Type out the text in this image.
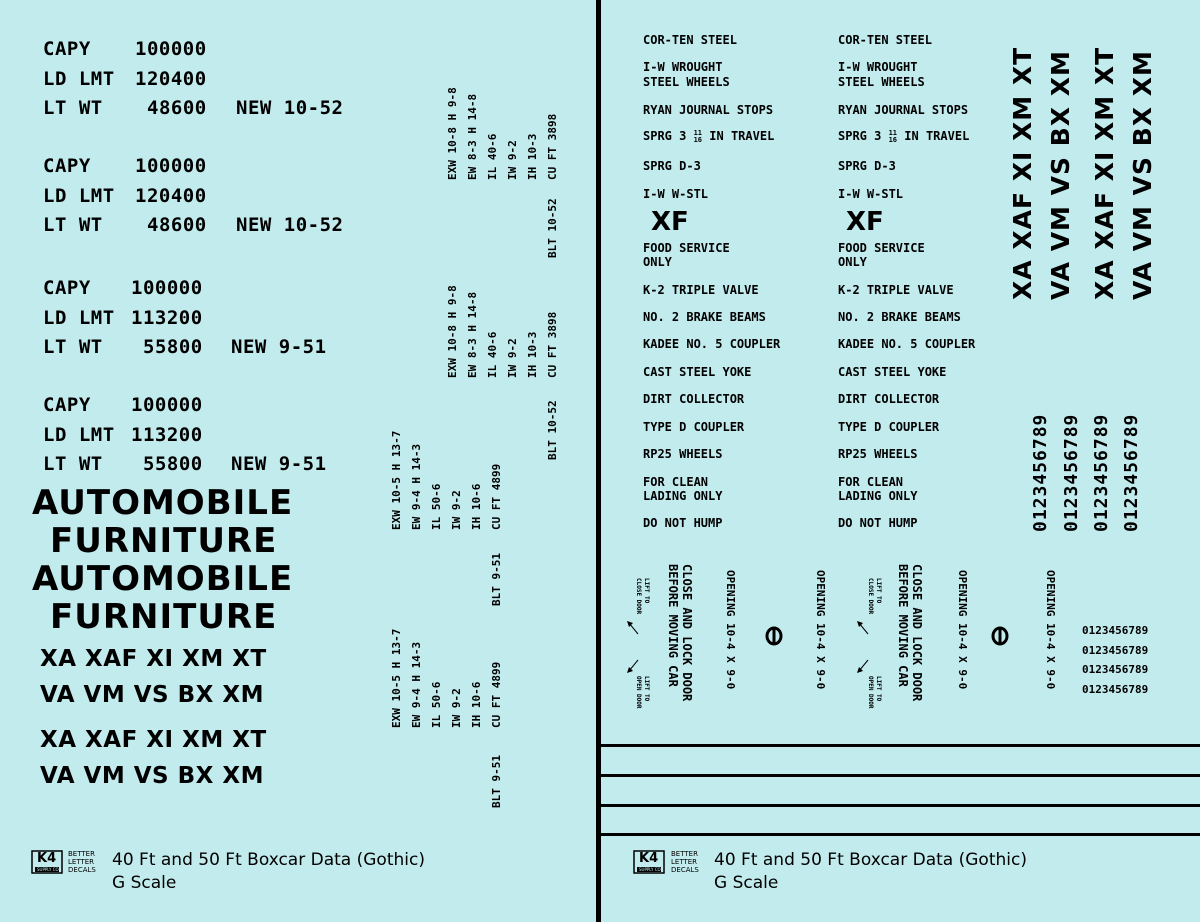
CAPY 100000
LD LMT 120400
LT WT 48600 NEW 10-52
CAPY 100000
LD LMT 120400
LT WT 48600 NEW 10-52
CAPY 100000
LD LMT 113200
LT WT 55800 NEW 9-51
CAPY 100000
LD LMT 113200
LT WT 55800 NEW 9-51
AUTOMOBILE
FURNITURE
AUTOMOBILE
FURNITURE
XA XAF XI XM XT
VA VM VS BX XM
XA XAF XI XM XT
VA VM VS BX XM
EXW 10-8 H 9-8 EW 8-3 H 14-8 IL 40-6 IW 9-2 IH 10-3 CU FT 3898
BLT 10-52
EXW 10-8 H 9-8 EW 8-3 H 14-8 IL 40-6 IW 9-2 IH 10-3 CU FT 3898
BLT 10-52
EXW 10-5 H 13-7 EW 9-4 H 14-3 IL 50-6 IW 9-2 IH 10-6 CU FT 4899
BLT 9-51
EXW 10-5 H 13-7 EW 9-4 H 14-3 IL 50-6 IW 9-2 IH 10-6 CU FT 4899
BLT 9-51
COR-TEN STEEL
I-W WROUGHT
STEEL WHEELS
RYAN JOURNAL STOPS
SPRG 3 11
16 IN TRAVEL
SPRG D-3
I-W W-STL
XF
FOOD SERVICE
ONLY
K-2 TRIPLE VALVE
NO. 2 BRAKE BEAMS
KADEE NO. 5 COUPLER
CAST STEEL YOKE
DIRT COLLECTOR
TYPE D COUPLER
RP25 WHEELS
FOR CLEAN
LADING ONLY
DO NOT HUMP
COR-TEN STEEL
I-W WROUGHT
STEEL WHEELS
RYAN JOURNAL STOPS
SPRG 3 11
16 IN TRAVEL
SPRG D-3
I-W W-STL
XF
FOOD SERVICE
ONLY
K-2 TRIPLE VALVE
NO. 2 BRAKE BEAMS
KADEE NO. 5 COUPLER
CAST STEEL YOKE
DIRT COLLECTOR
TYPE D COUPLER
RP25 WHEELS
FOR CLEAN
LADING ONLY
DO NOT HUMP
XA XAF XI XM XT VA VM VS BX XM XA XAF XI XM XT VA VM VS BX XM
0123456789 0123456789 0123456789 0123456789
0123456789
0123456789
0123456789
0123456789
LIFT TO
CLOSE DOOR
LIFT TO
OPEN DOOR
CLOSE AND LOCK DOOR
BEFORE MOVING CAR	OPENING 10-4 X 9-0	OPENING 10-4 X 9-0	LIFT TO
CLOSE DOOR
LIFT TO
OPEN DOOR
CLOSE AND LOCK DOOR
BEFORE MOVING CAR	OPENING 10-4 X 9-0	OPENING 10-4 X 9-0
K4
SUPPLY CO.
BETTER
LETTER
DECALS 40 Ft and 50 Ft Boxcar Data (Gothic)
G Scale
K4
SUPPLY CO.
BETTER
LETTER
DECALS 40 Ft and 50 Ft Boxcar Data (Gothic)
G Scale
